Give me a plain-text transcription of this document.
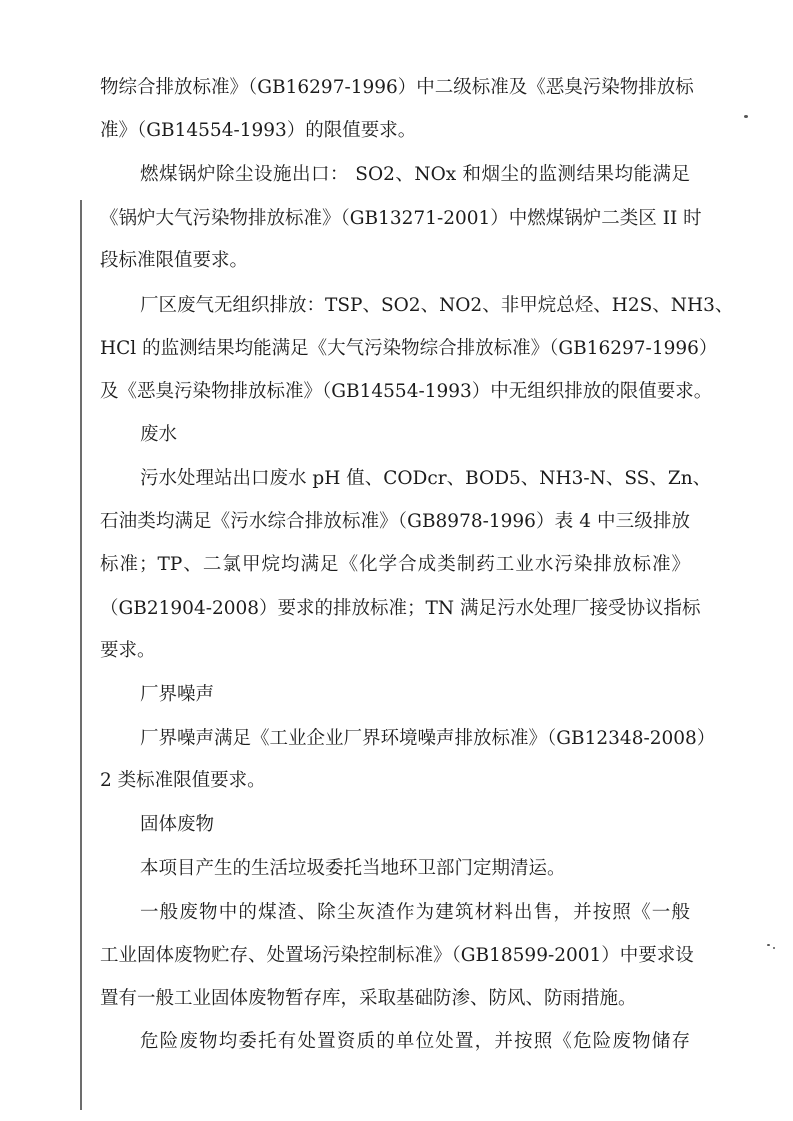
物综合排放标准》（GB16297-1996）中二级标准及《恶臭污染物排放标
准》（GB14554-1993）的限值要求。
燃煤锅炉除尘设施出口： SO2、NOx 和烟尘的监测结果均能满足
《锅炉大气污染物排放标准》（GB13271-2001）中燃煤锅炉二类区 II 时
段标准限值要求。
厂区废气无组织排放：TSP、SO2、NO2、非甲烷总烃、H2S、NH3、
HCl 的监测结果均能满足《大气污染物综合排放标准》（GB16297-1996）
及《恶臭污染物排放标准》（GB14554-1993）中无组织排放的限值要求。
废水
污水处理站出口废水 pH 值、CODcr、BOD5、NH3-N、SS、Zn、
石油类均满足《污水综合排放标准》（GB8978-1996）表 4 中三级排放
标准；TP、二氯甲烷均满足《化学合成类制药工业水污染排放标准》
（GB21904-2008）要求的排放标准；TN 满足污水处理厂接受协议指标
要求。
厂界噪声
厂界噪声满足《工业企业厂界环境噪声排放标准》（GB12348-2008）
2 类标准限值要求。
固体废物
本项目产生的生活垃圾委托当地环卫部门定期清运。
一般废物中的煤渣、除尘灰渣作为建筑材料出售，并按照《一般
工业固体废物贮存、处置场污染控制标准》（GB18599-2001）中要求设
置有一般工业固体废物暂存库，采取基础防渗、防风、防雨措施。
危险废物均委托有处置资质的单位处置，并按照《危险废物储存
